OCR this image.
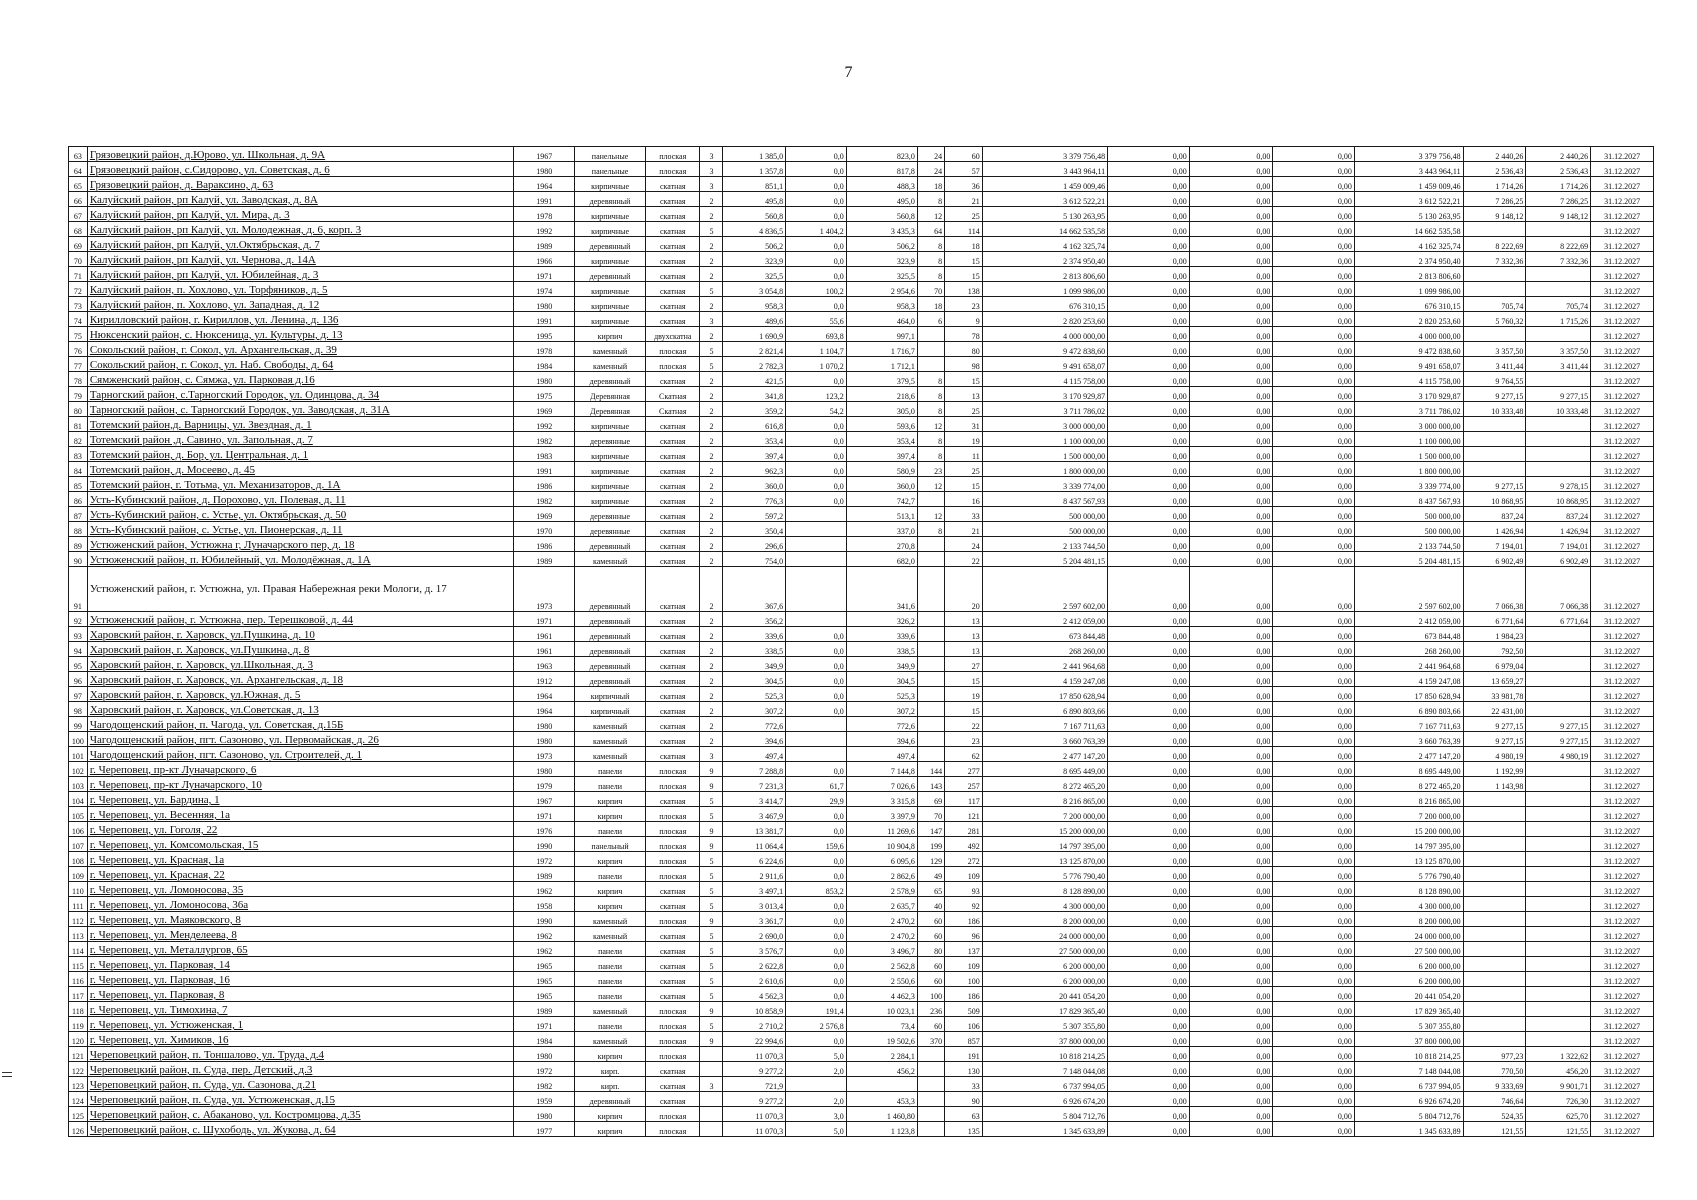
7
63	Грязовецкий район, д.Юрово, ул. Школьная, д. 9А	1967	панельные	плоская	3	1 385,0	0,0	823,0	24	60	3 379 756,48	0,00	0,00	0,00	3 379 756,48	2 440,26	2 440,26	31.12.2027
64	Грязовецкий район, с.Сидорово, ул. Советская, д. 6	1980	панельные	плоская	3	1 357,8	0,0	817,8	24	57	3 443 964,11	0,00	0,00	0,00	3 443 964,11	2 536,43	2 536,43	31.12.2027
65	Грязовецкий район, д. Вараксино, д. 63	1964	кирпичные	скатная	3	851,1	0,0	488,3	18	36	1 459 009,46	0,00	0,00	0,00	1 459 009,46	1 714,26	1 714,26	31.12.2027
66	Калуйский район, рп Калуй, ул. Заводская, д. 8А	1991	деревянный	скатная	2	495,8	0,0	495,0	8	21	3 612 522,21	0,00	0,00	0,00	3 612 522,21	7 286,25	7 286,25	31.12.2027
67	Калуйский район, рп Калуй, ул. Мира, д. 3	1978	кирпичные	скатная	2	560,8	0,0	560,8	12	25	5 130 263,95	0,00	0,00	0,00	5 130 263,95	9 148,12	9 148,12	31.12.2027
68	Калуйский район, рп Калуй, ул. Молодежная, д. 6, корп. 3	1992	кирпичные	скатная	5	4 836,5	1 404,2	3 435,3	64	114	14 662 535,58	0,00	0,00	0,00	14 662 535,58			31.12.2027
69	Калуйский район, рп Калуй, ул.Октябрьская, д. 7	1989	деревянный	скатная	2	506,2	0,0	506,2	8	18	4 162 325,74	0,00	0,00	0,00	4 162 325,74	8 222,69	8 222,69	31.12.2027
70	Калуйский район, рп Калуй, ул. Чернова, д. 14А	1966	кирпичные	скатная	2	323,9	0,0	323,9	8	15	2 374 950,40	0,00	0,00	0,00	2 374 950,40	7 332,36	7 332,36	31.12.2027
71	Калуйский район, рп Калуй, ул. Юбилейная, д. 3	1971	деревянный	скатная	2	325,5	0,0	325,5	8	15	2 813 806,60	0,00	0,00	0,00	2 813 806,60			31.12.2027
72	Калуйский район, п. Хохлово, ул. Торфяников, д. 5	1974	кирпичные	скатная	5	3 054,8	100,2	2 954,6	70	138	1 099 986,00	0,00	0,00	0,00	1 099 986,00			31.12.2027
73	Калуйский район, п. Хохлово, ул. Западная, д. 12	1980	кирпичные	скатная	2	958,3	0,0	958,3	18	23	676 310,15	0,00	0,00	0,00	676 310,15	705,74	705,74	31.12.2027
74	Кирилловский район, г. Кириллов, ул. Ленина, д. 136	1991	кирпичные	скатная	3	489,6	55,6	464,0	6	9	2 820 253,60	0,00	0,00	0,00	2 820 253,60	5 760,32	1 715,26	31.12.2027
75	Нюксенский район, с. Нюксеница, ул. Культуры, д. 13	1995	кирпич	двухскатна	2	1 690,9	693,8	997,1		78	4 000 000,00	0,00	0,00	0,00	4 000 000,00			31.12.2027
76	Сокольский район, г. Сокол, ул. Архангельская, д. 39	1978	каменный	плоская	5	2 821,4	1 104,7	1 716,7		80	9 472 838,60	0,00	0,00	0,00	9 472 838,60	3 357,50	3 357,50	31.12.2027
77	Сокольский район, г. Сокол, ул. Наб. Свободы, д. 64	1984	каменный	плоская	5	2 782,3	1 070,2	1 712,1		98	9 491 658,07	0,00	0,00	0,00	9 491 658,07	3 411,44	3 411,44	31.12.2027
78	Сямженский район, с. Сямжа, ул. Парковая д.16	1980	деревянный	скатная	2	421,5	0,0	379,5	8	15	4 115 758,00	0,00	0,00	0,00	4 115 758,00	9 764,55		31.12.2027
79	Тарногский район, с.Тарногский Городок, ул. Одинцова, д. 34	1975	Деревянная	Скатная	2	341,8	123,2	218,6	8	13	3 170 929,87	0,00	0,00	0,00	3 170 929,87	9 277,15	9 277,15	31.12.2027
80	Тарногский район, с. Тарногский Городок, ул. Заводская, д. 31А	1969	Деревянная	Скатная	2	359,2	54,2	305,0	8	25	3 711 786,02	0,00	0,00	0,00	3 711 786,02	10 333,48	10 333,48	31.12.2027
81	Тотемский район,д. Варницы, ул. Звездная, д. 1	1992	кирпичные	скатная	2	616,8	0,0	593,6	12	31	3 000 000,00	0,00	0,00	0,00	3 000 000,00			31.12.2027
82	Тотемский район ,д. Савино, ул. Запольная, д. 7	1982	деревянные	скатная	2	353,4	0,0	353,4	8	19	1 100 000,00	0,00	0,00	0,00	1 100 000,00			31.12.2027
83	Тотемский район, д. Бор, ул. Центральная, д. 1	1983	кирпичные	скатная	2	397,4	0,0	397,4	8	11	1 500 000,00	0,00	0,00	0,00	1 500 000,00			31.12.2027
84	Тотемский район, д. Мосеево, д. 45	1991	кирпичные	скатная	2	962,3	0,0	580,9	23	25	1 800 000,00	0,00	0,00	0,00	1 800 000,00			31.12.2027
85	Тотемский район, г. Тотьма, ул. Механизаторов, д. 1А	1986	кирпичные	скатная	2	360,0	0,0	360,0	12	15	3 339 774,00	0,00	0,00	0,00	3 339 774,00	9 277,15	9 278,15	31.12.2027
86	Усть-Кубинский район, д. Порохово, ул. Полевая, д. 11	1982	кирпичные	скатная	2	776,3	0,0	742,7		16	8 437 567,93	0,00	0,00	0,00	8 437 567,93	10 868,95	10 868,95	31.12.2027
87	Усть-Кубинский район, с. Устье, ул. Октябрьская, д. 50	1969	деревянные	скатная	2	597,2		513,1	12	33	500 000,00	0,00	0,00	0,00	500 000,00	837,24	837,24	31.12.2027
88	Усть-Кубинский район, с. Устье, ул. Пионерская, д. 11	1970	деревянные	скатная	2	350,4		337,0	8	21	500 000,00	0,00	0,00	0,00	500 000,00	1 426,94	1 426,94	31.12.2027
89	Устюженский район, Устюжна г, Луначарского пер, д. 18	1986	деревянный	скатная	2	296,6		270,8		24	2 133 744,50	0,00	0,00	0,00	2 133 744,50	7 194,01	7 194,01	31.12.2027
90	Устюженский район, п. Юбилейный, ул. Молодёжная, д. 1А	1989	каменный	скатная	2	754,0		682,0		22	5 204 481,15	0,00	0,00	0,00	5 204 481,15	6 902,49	6 902,49	31.12.2027
91	Устюженский район, г. Устюжна, ул. Правая Набережная реки Мологи, д. 17	1973	деревянный	скатная	2	367,6		341,6		20	2 597 602,00	0,00	0,00	0,00	2 597 602,00	7 066,38	7 066,38	31.12.2027
92	Устюженский район, г. Устюжна, пер. Терешковой, д. 44	1971	деревянный	скатная	2	356,2		326,2		13	2 412 059,00	0,00	0,00	0,00	2 412 059,00	6 771,64	6 771,64	31.12.2027
93	Харовский район, г. Харовск, ул.Пушкина, д. 10	1961	деревянный	скатная	2	339,6	0,0	339,6		13	673 844,48	0,00	0,00	0,00	673 844,48	1 984,23		31.12.2027
94	Харовский район, г. Харовск, ул.Пушкина, д. 8	1961	деревянный	скатная	2	338,5	0,0	338,5		13	268 260,00	0,00	0,00	0,00	268 260,00	792,50		31.12.2027
95	Харовский район, г. Харовск, ул.Школьная, д. 3	1963	деревянный	скатная	2	349,9	0,0	349,9		27	2 441 964,68	0,00	0,00	0,00	2 441 964,68	6 979,04		31.12.2027
96	Харовский район, г. Харовск, ул. Архангельская, д. 18	1912	деревянный	скатная	2	304,5	0,0	304,5		15	4 159 247,08	0,00	0,00	0,00	4 159 247,08	13 659,27		31.12.2027
97	Харовский район, г. Харовск, ул.Южная, д. 5	1964	кирпичный	скатная	2	525,3	0,0	525,3		19	17 850 628,94	0,00	0,00	0,00	17 850 628,94	33 981,78		31.12.2027
98	Харовский район, г. Харовск, ул.Советская, д. 13	1964	кирпичный	скатная	2	307,2	0,0	307,2		15	6 890 803,66	0,00	0,00	0,00	6 890 803,66	22 431,00		31.12.2027
99	Чагодощенский район, п. Чагода, ул. Советская, д.15Б	1980	каменный	скатная	2	772,6		772,6		22	7 167 711,63	0,00	0,00	0,00	7 167 711,63	9 277,15	9 277,15	31.12.2027
100	Чагодощенский район, пгт. Сазоново, ул. Первомайская, д. 26	1980	каменный	скатная	2	394,6		394,6		23	3 660 763,39	0,00	0,00	0,00	3 660 763,39	9 277,15	9 277,15	31.12.2027
101	Чагодощенский район, пгт. Сазоново, ул. Строителей, д. 1	1973	каменный	скатная	3	497,4		497,4		62	2 477 147,20	0,00	0,00	0,00	2 477 147,20	4 980,19	4 980,19	31.12.2027
102	г. Череповец, пр-кт Луначарского, 6	1980	панели	плоская	9	7 288,8	0,0	7 144,8	144	277	8 695 449,00	0,00	0,00	0,00	8 695 449,00	1 192,99		31.12.2027
103	г. Череповец, пр-кт Луначарского, 10	1979	панели	плоская	9	7 231,3	61,7	7 026,6	143	257	8 272 465,20	0,00	0,00	0,00	8 272 465,20	1 143,98		31.12.2027
104	г. Череповец, ул. Бардина, 1	1967	кирпич	скатная	5	3 414,7	29,9	3 315,8	69	117	8 216 865,00	0,00	0,00	0,00	8 216 865,00			31.12.2027
105	г. Череповец, ул. Весенняя, 1а	1971	кирпич	плоская	5	3 467,9	0,0	3 397,9	70	121	7 200 000,00	0,00	0,00	0,00	7 200 000,00			31.12.2027
106	г. Череповец, ул. Гоголя, 22	1976	панели	плоская	9	13 381,7	0,0	11 269,6	147	281	15 200 000,00	0,00	0,00	0,00	15 200 000,00			31.12.2027
107	г. Череповец, ул. Комсомольская, 15	1990	панельный	плоская	9	11 064,4	159,6	10 904,8	199	492	14 797 395,00	0,00	0,00	0,00	14 797 395,00			31.12.2027
108	г. Череповец, ул. Красная, 1а	1972	кирпич	плоская	5	6 224,6	0,0	6 095,6	129	272	13 125 870,00	0,00	0,00	0,00	13 125 870,00			31.12.2027
109	г. Череповец, ул. Красная, 22	1989	панели	плоская	5	2 911,6	0,0	2 862,6	49	109	5 776 790,40	0,00	0,00	0,00	5 776 790,40			31.12.2027
110	г. Череповец, ул. Ломоносова, 35	1962	кирпич	скатная	5	3 497,1	853,2	2 578,9	65	93	8 128 890,00	0,00	0,00	0,00	8 128 890,00			31.12.2027
111	г. Череповец, ул. Ломоносова, 36а	1958	кирпич	скатная	5	3 013,4	0,0	2 635,7	40	92	4 300 000,00	0,00	0,00	0,00	4 300 000,00			31.12.2027
112	г. Череповец, ул. Маяковского, 8	1990	каменный	плоская	9	3 361,7	0,0	2 470,2	60	186	8 200 000,00	0,00	0,00	0,00	8 200 000,00			31.12.2027
113	г. Череповец, ул. Менделеева, 8	1962	каменный	скатная	5	2 690,0	0,0	2 470,2	60	96	24 000 000,00	0,00	0,00	0,00	24 000 000,00			31.12.2027
114	г. Череповец, ул. Металлургов, 65	1962	панели	скатная	5	3 576,7	0,0	3 496,7	80	137	27 500 000,00	0,00	0,00	0,00	27 500 000,00			31.12.2027
115	г. Череповец, ул. Парковая, 14	1965	панели	скатная	5	2 622,8	0,0	2 562,8	60	109	6 200 000,00	0,00	0,00	0,00	6 200 000,00			31.12.2027
116	г. Череповец, ул. Парковая, 16	1965	панели	скатная	5	2 610,6	0,0	2 550,6	60	100	6 200 000,00	0,00	0,00	0,00	6 200 000,00			31.12.2027
117	г. Череповец, ул. Парковая, 8	1965	панели	скатная	5	4 562,3	0,0	4 462,3	100	186	20 441 054,20	0,00	0,00	0,00	20 441 054,20			31.12.2027
118	г. Череповец, ул. Тимохина, 7	1989	каменный	плоская	9	10 858,9	191,4	10 023,1	236	509	17 829 365,40	0,00	0,00	0,00	17 829 365,40			31.12.2027
119	г. Череповец, ул. Устюженская, 1	1971	панели	плоская	5	2 710,2	2 576,8	73,4	60	106	5 307 355,80	0,00	0,00	0,00	5 307 355,80			31.12.2027
120	г. Череповец, ул. Химиков, 16	1984	каменный	плоская	9	22 994,6	0,0	19 502,6	370	857	37 800 000,00	0,00	0,00	0,00	37 800 000,00			31.12.2027
121	Череповецкий район, п. Тоншалово, ул. Труда, д.4	1980	кирпич	плоская		11 070,3	5,0	2 284,1		191	10 818 214,25	0,00	0,00	0,00	10 818 214,25	977,23	1 322,62	31.12.2027
122	Череповецкий район, п. Суда, пер. Детский, д.3	1972	кирп.	скатная		9 277,2	2,0	456,2		130	7 148 044,08	0,00	0,00	0,00	7 148 044,08	770,50	456,20	31.12.2027
123	Череповецкий район, п. Суда, ул. Сазонова, д.21	1982	кирп.	скатная	3	721,9				33	6 737 994,05	0,00	0,00	0,00	6 737 994,05	9 333,69	9 901,71	31.12.2027
124	Череповецкий район, п. Суда, ул. Устюженская, д.15	1959	деревянный	скатная		9 277,2	2,0	453,3		90	6 926 674,20	0,00	0,00	0,00	6 926 674,20	746,64	726,30	31.12.2027
125	Череповецкий район, с. Абаканово, ул. Костромцова, д.35	1980	кирпич	плоская		11 070,3	3,0	1 460,80		63	5 804 712,76	0,00	0,00	0,00	5 804 712,76	524,35	625,70	31.12.2027
126	Череповецкий район, с. Шухободь, ул. Жукова, д. 64	1977	кирпич	плоская		11 070,3	5,0	1 123,8		135	1 345 633,89	0,00	0,00	0,00	1 345 633,89	121,55	121,55	31.12.2027
